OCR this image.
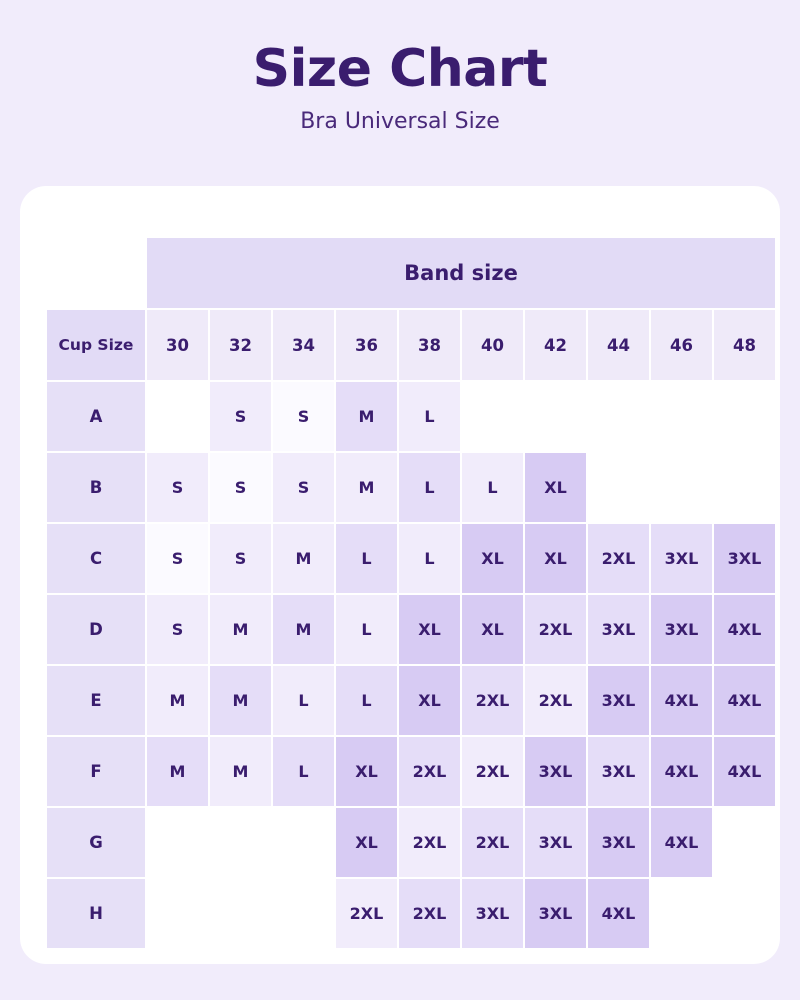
Size Chart
Bra Universal Size
	Band size									
Cup Size	30	32	34	36	38	40	42	44	46	48
A		S	S	M	L					
B	S	S	S	M	L	L	XL			
C	S	S	M	L	L	XL	XL	2XL	3XL	3XL
D	S	M	M	L	XL	XL	2XL	3XL	3XL	4XL
E	M	M	L	L	XL	2XL	2XL	3XL	4XL	4XL
F	M	M	L	XL	2XL	2XL	3XL	3XL	4XL	4XL
G				XL	2XL	2XL	3XL	3XL	4XL	
H				2XL	2XL	3XL	3XL	4XL		
